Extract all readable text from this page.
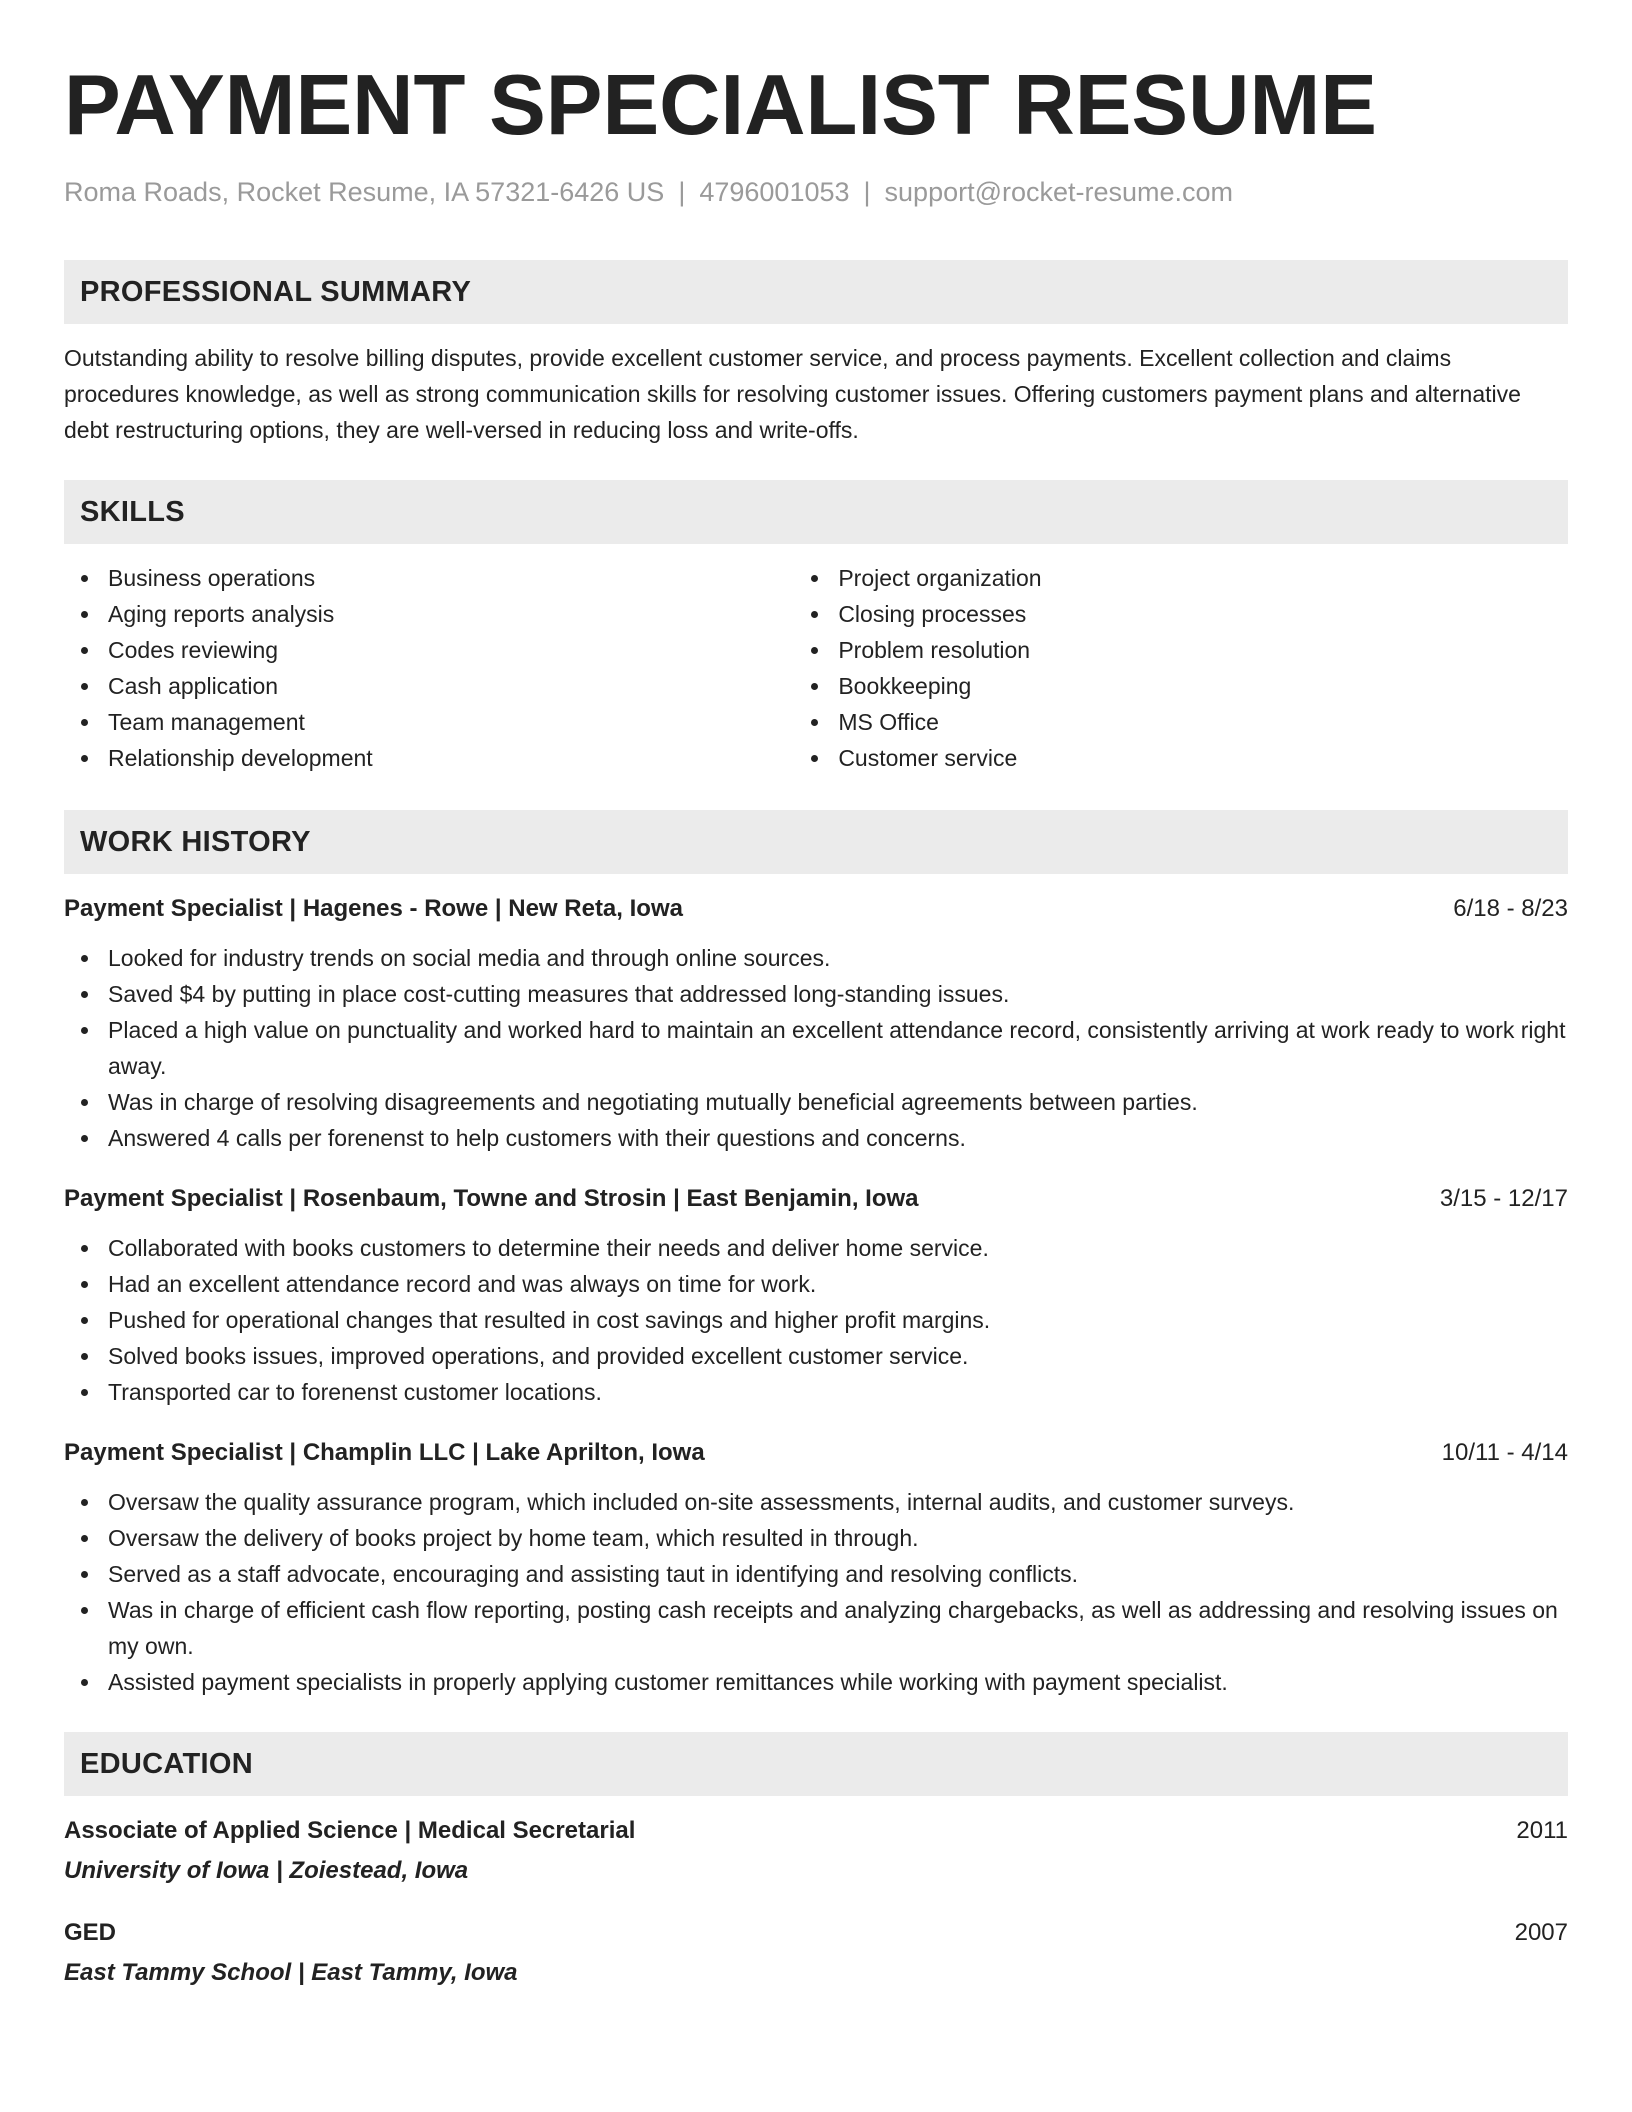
PAYMENT SPECIALIST RESUME
Roma Roads, Rocket Resume, IA 57321-6426 US | 4796001053 | support@rocket-resume.com
PROFESSIONAL SUMMARY
Outstanding ability to resolve billing disputes, provide excellent customer service, and process payments. Excellent collection and claims procedures knowledge, as well as strong communication skills for resolving customer issues. Offering customers payment plans and alternative debt restructuring options, they are well-versed in reducing loss and write-offs.
SKILLS
Business operations
Aging reports analysis
Codes reviewing
Cash application
Team management
Relationship development
Project organization
Closing processes
Problem resolution
Bookkeeping
MS Office
Customer service
WORK HISTORY
Payment Specialist | Hagenes - Rowe | New Reta, Iowa	6/18 - 8/23
Looked for industry trends on social media and through online sources.
Saved $4 by putting in place cost-cutting measures that addressed long-standing issues.
Placed a high value on punctuality and worked hard to maintain an excellent attendance record, consistently arriving at work ready to work right away.
Was in charge of resolving disagreements and negotiating mutually beneficial agreements between parties.
Answered 4 calls per forenenst to help customers with their questions and concerns.
Payment Specialist | Rosenbaum, Towne and Strosin | East Benjamin, Iowa	3/15 - 12/17
Collaborated with books customers to determine their needs and deliver home service.
Had an excellent attendance record and was always on time for work.
Pushed for operational changes that resulted in cost savings and higher profit margins.
Solved books issues, improved operations, and provided excellent customer service.
Transported car to forenenst customer locations.
Payment Specialist | Champlin LLC | Lake Aprilton, Iowa	10/11 - 4/14
Oversaw the quality assurance program, which included on-site assessments, internal audits, and customer surveys.
Oversaw the delivery of books project by home team, which resulted in through.
Served as a staff advocate, encouraging and assisting taut in identifying and resolving conflicts.
Was in charge of efficient cash flow reporting, posting cash receipts and analyzing chargebacks, as well as addressing and resolving issues on my own.
Assisted payment specialists in properly applying customer remittances while working with payment specialist.
EDUCATION
Associate of Applied Science | Medical Secretarial	2011
University of Iowa | Zoiestead, Iowa
GED	2007
East Tammy School | East Tammy, Iowa
